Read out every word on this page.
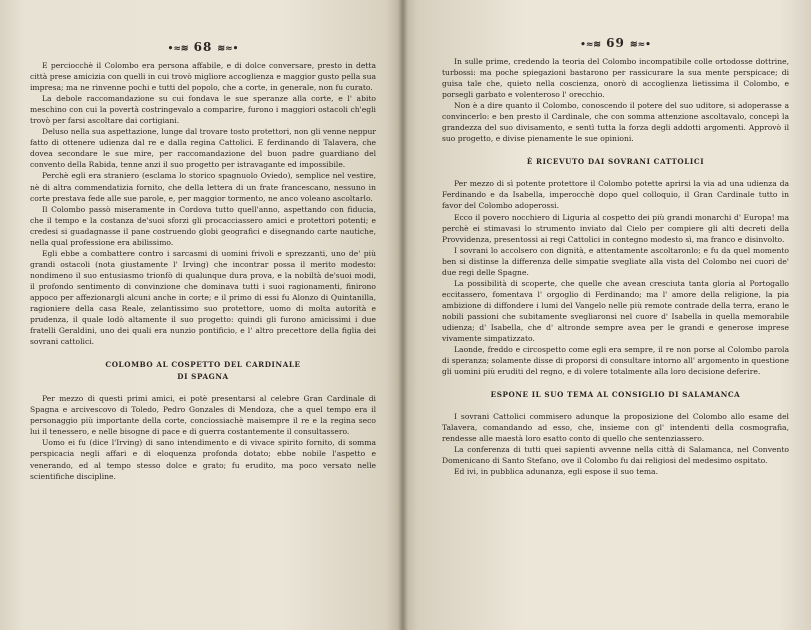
•≈≋ 68 ≋≈•

E perciocchè il Colombo era persona affabile, e di dolce conversare, presto in detta città prese amicizia con quelli in cui trovò migliore accoglienza e maggior gusto pella sua impresa; ma ne rinvenne pochi e tutti del popolo, che a corte, in generale, non fu curato.

La debole raccomandazione su cui fondava le sue speranze alla corte, e l' abito meschino con cui la povertà costringevalo a comparire, furono i maggiori ostacoli ch'egli trovò per farsi ascoltare dai cortigiani.

Deluso nella sua aspettazione, lunge dal trovare tosto protettori, non gli venne neppur fatto di ottenere udienza dal re e dalla regina Cattolici. E ferdinando di Talavera, che dovea secondare le sue mire, per raccomandazione del buon padre guardiano del convento della Rabida, tenne anzi il suo progetto per istravagante ed impossibile.

Perchè egli era straniero (esclama lo storico spagnuolo Oviedo), semplice nel vestire, nè di altra commendatizia fornito, che della lettera di un frate francescano, nessuno in corte prestava fede alle sue parole, e, per maggior tormento, ne anco voleano ascoltarlo.

Il Colombo passò miseramente in Cordova tutto quell'anno, aspettando con fiducia, che il tempo e la costanza de'suoi sforzi gli procacciassero amici e protettori potenti; e credesi si guadagnasse il pane costruendo globi geografici e disegnando carte nautiche, nella qual professione era abilissimo.

Egli ebbe a combattere contro i sarcasmi di uomini frivoli e sprezzanti, uno de' più grandi ostacoli (nota giustamente l' Irving) che incontrar possa il merito modesto: nondimeno il suo entusiasmo trionfò di qualunque dura prova, e la nobiltà de'suoi modi, il profondo sentimento di convinzione che dominava tutti i suoi ragionamenti, finirono appoco per affezionargli alcuni anche in corte; e il primo di essi fu Alonzo di Quintanilla, ragioniere della casa Reale, zelantissimo suo protettore, uomo di molta autorità e prudenza, il quale lodò altamente il suo progetto: quindi gli furono amicissimi i due fratelli Geraldini, uno dei quali era nunzio pontificio, e l' altro precettore della figlia dei sovrani cattolici.

COLOMBO AL COSPETTO DEL CARDINALE
DI SPAGNA

Per mezzo di questi primi amici, ei potè presentarsi al celebre Gran Cardinale di Spagna e arcivescovo di Toledo, Pedro Gonzales di Mendoza, che a quel tempo era il personaggio più importante della corte, conciossiachè maisempre il re e la regina seco lui il tenessero, e nelle bisogne di pace e di guerra costantemente il consultassero.

Uomo ei fu (dice l'Irving) di sano intendimento e di vivace spirito fornito, di somma perspicacia negli affari e di eloquenza profonda dotato; ebbe nobile l'aspetto e venerando, ed al tempo stesso dolce e grato; fu erudito, ma poco versato nelle scientifiche discipline.

•≈≋ 69 ≋≈•

In sulle prime, credendo la teoria del Colombo incompatibile colle ortodosse dottrine, turbossi: ma poche spiegazioni bastarono per rassicurare la sua mente perspicace; di guisa tale che, quieto nella coscienza, onorò di accoglienza lietissima il Colombo, e porsegli garbato e volenteroso l' orecchio.

Non è a dire quanto il Colombo, conoscendo il potere del suo uditore, si adoperasse a convincerlo: e ben presto il Cardinale, che con somma attenzione ascoltavalo, concepì la grandezza del suo divisamento, e sentì tutta la forza degli addotti argomenti. Approvò il suo progetto, e divise pienamente le sue opinioni.

È RICEVUTO DAI SOVRANI CATTOLICI

Per mezzo di sì potente protettore il Colombo potette aprirsi la via ad una udienza da Ferdinando e da Isabella, imperocchè dopo quel colloquio, il Gran Cardinale tutto in favor del Colombo adoperossi.

Ecco il povero nocchiero di Liguria al cospetto dei più grandi monarchi d' Europa! ma perchè ei stimavasi lo strumento inviato dal Cielo per compiere gli alti decreti della Provvidenza, presentossi ai regi Cattolici in contegno modesto sì, ma franco e disinvolto.

I sovrani lo accolsero con dignità, e attentamente ascoltaronlo; e fu da quel momento ben si distinse la differenza delle simpatie svegliate alla vista del Colombo nei cuori de' due regi delle Spagne.

La possibilità di scoperte, che quelle che avean cresciuta tanta gloria al Portogallo eccitassero, fomentava l' orgoglio di Ferdinando; ma l' amore della religione, la pia ambizione di diffondere i lumi del Vangelo nelle più remote contrade della terra, erano le nobili passioni che subitamente svegliaronsi nel cuore d' Isabella in quella memorabile udienza; d' Isabella, che d' altronde sempre avea per le grandi e generose imprese vivamente simpatizzato.

Laonde, freddo e circospetto come egli era sempre, il re non porse al Colombo parola di speranza; solamente disse di proporsi di consultare intorno all' argomento in questione gli uomini più eruditi del regno, e di volere totalmente alla loro decisione deferire.

ESPONE IL SUO TEMA AL CONSIGLIO DI SALAMANCA

I sovrani Cattolici commisero adunque la proposizione del Colombo allo esame del Talavera, comandando ad esso, che, insieme con gl' intendenti della cosmografia, rendesse alle maestà loro esatto conto di quello che sentenziassero.

La conferenza di tutti quei sapienti avvenne nella città di Salamanca, nel Convento Domenicano di Santo Stefano, ove il Colombo fu dai religiosi del medesimo ospitato.

Ed ivi, in pubblica adunanza, egli espose il suo tema.
